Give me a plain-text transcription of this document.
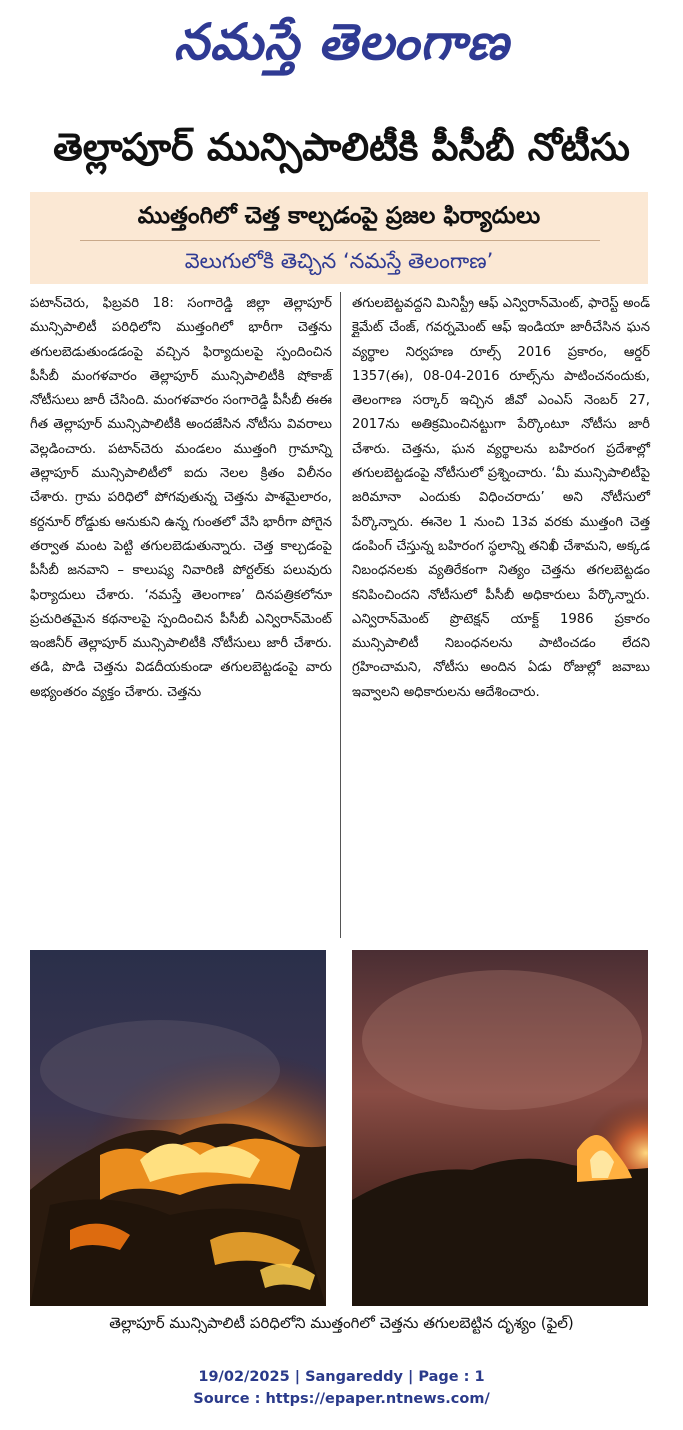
నమస్తే తెలంగాణ
తెల్లాపూర్ మున్సిపాలిటీకి పీసీబీ నోటీసు
ముత్తంగిలో చెత్త కాల్చడంపై ప్రజల ఫిర్యాదులు
వెలుగులోకి తెచ్చిన ‘నమస్తే తెలంగాణ’
పటాన్‌చెరు, ఫిబ్రవరి 18: సంగారెడ్డి జిల్లా తెల్లాపూర్ మున్సిపాలిటీ పరిధిలోని ముత్తంగిలో భారీగా చెత్తను తగులబెడుతుండడంపై వచ్చిన ఫిర్యాదులపై స్పందించిన పీసీబీ మంగళవారం తెల్లాపూర్ మున్సిపాలిటీకి షోకాజ్ నోటీసులు జారీ చేసింది. మంగళవారం సంగారెడ్డి పీసీబీ ఈఈ గీత తెల్లాపూర్ మున్సిపాలిటీకి అందజేసిన నోటీసు వివరాలు వెల్లడించారు. పటాన్‌చెరు మండలం ముత్తంగి గ్రామాన్ని తెల్లాపూర్ మున్సిపాలిటీలో ఐదు నెలల క్రితం విలీనం చేశారు. గ్రామ పరిధిలో పోగవుతున్న చెత్తను పాశమైలారం, కర్దనూర్ రోడ్డుకు ఆనుకుని ఉన్న గుంతలో వేసి భారీగా పోగైన తర్వాత మంట పెట్టి తగులబెడుతున్నారు. చెత్త కాల్చడంపై పీసీబీ జనవాని – కాలుష్య నివారిణి పోర్టల్‌కు పలువురు ఫిర్యాదులు చేశారు. ‘నమస్తే తెలంగాణ’ దినపత్రికలోనూ ప్రచురితమైన కథనాలపై స్పందించిన పీసీబీ ఎన్విరాన్‌మెంట్ ఇంజినీర్ తెల్లాపూర్ మున్సిపాలిటీకి నోటీసులు జారీ చేశారు. తడి, పొడి చెత్తను విడదీయకుండా తగులబెట్టడంపై వారు అభ్యంతరం వ్యక్తం చేశారు. చెత్తను
తగులబెట్టవద్దని మినిస్ట్రీ ఆఫ్ ఎన్విరాన్‌మెంట్, ఫారెస్ట్ అండ్ క్లైమేట్ చేంజ్, గవర్నమెంట్ ఆఫ్ ఇండియా జారీచేసిన ఘన వ్యర్థాల నిర్వహణ రూల్స్ 2016 ప్రకారం, ఆర్డర్ 1357(ఈ), 08-04-2016 రూల్స్‌ను పాటించనందుకు, తెలంగాణ సర్కార్ ఇచ్చిన జీవో ఎంఎస్ నెంబర్ 27, 2017ను అతిక్రమించినట్టుగా పేర్కొంటూ నోటీసు జారీ చేశారు. చెత్తను, ఘన వ్యర్థాలను బహిరంగ ప్రదేశాల్లో తగులబెట్టడంపై నోటీసులో ప్రశ్నించారు. ‘మీ మున్సిపాలిటీపై జరిమానా ఎందుకు విధించరాదు’ అని నోటీసులో పేర్కొన్నారు. ఈనెల 1 నుంచి 13వ వరకు ముత్తంగి చెత్త డంపింగ్ చేస్తున్న బహిరంగ స్థలాన్ని తనిఖీ చేశామని, అక్కడ నిబంధనలకు వ్యతిరేకంగా నిత్యం చెత్తను తగలబెట్టడం కనిపించిందని నోటీసులో పీసీబీ అధికారులు పేర్కొన్నారు. ఎన్విరాన్‌మెంట్ ప్రొటెక్షన్ యాక్ట్ 1986 ప్రకారం మున్సిపాలిటీ నిబంధనలను పాటించడం లేదని గ్రహించామని, నోటీసు అందిన ఏడు రోజుల్లో జవాబు ఇవ్వాలని అధికారులను ఆదేశించారు.
తెల్లాపూర్ మున్సిపాలిటీ పరిధిలోని ముత్తంగిలో చెత్తను తగులబెట్టిన దృశ్యం (ఫైల్)
19/02/2025 | Sangareddy | Page : 1
Source : https://epaper.ntnews.com/
